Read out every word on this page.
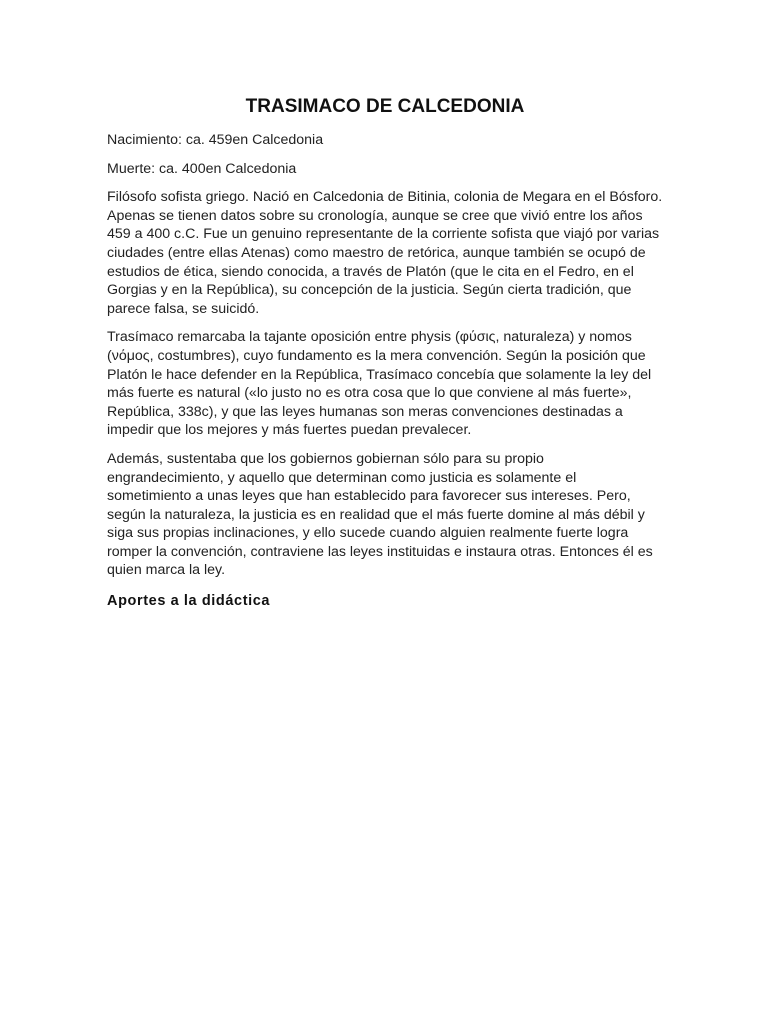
TRASIMACO DE CALCEDONIA
Nacimiento: ca. 459en Calcedonia
Muerte: ca. 400en Calcedonia

Filósofo sofista griego. Nació en Calcedonia de Bitinia, colonia de Megara en el Bósforo. Apenas se tienen datos sobre su cronología, aunque se cree que vivió entre los años 459 a 400 c.C. Fue un genuino representante de la corriente sofista que viajó por varias ciudades (entre ellas Atenas) como maestro de retórica, aunque también se ocupó de estudios de ética, siendo conocida, a través de Platón (que le cita en el Fedro, en el Gorgias y en la República), su concepción de la justicia. Según cierta tradición, que parece falsa, se suicidó.

Trasímaco remarcaba la tajante oposición entre physis (φύσις, naturaleza) y nomos (νόμος, costumbres), cuyo fundamento es la mera convención. Según la posición que Platón le hace defender en la República, Trasímaco concebía que solamente la ley del más fuerte es natural («lo justo no es otra cosa que lo que conviene al más fuerte», República, 338c), y que las leyes humanas son meras convenciones destinadas a impedir que los mejores y más fuertes puedan prevalecer.

Además, sustentaba que los gobiernos gobiernan sólo para su propio engrandecimiento, y aquello que determinan como justicia es solamente el sometimiento a unas leyes que han establecido para favorecer sus intereses. Pero, según la naturaleza, la justicia es en realidad que el más fuerte domine al más débil y siga sus propias inclinaciones, y ello sucede cuando alguien realmente fuerte logra romper la convención, contraviene las leyes instituidas e instaura otras. Entonces él es quien marca la ley.

Aportes a la didáctica
